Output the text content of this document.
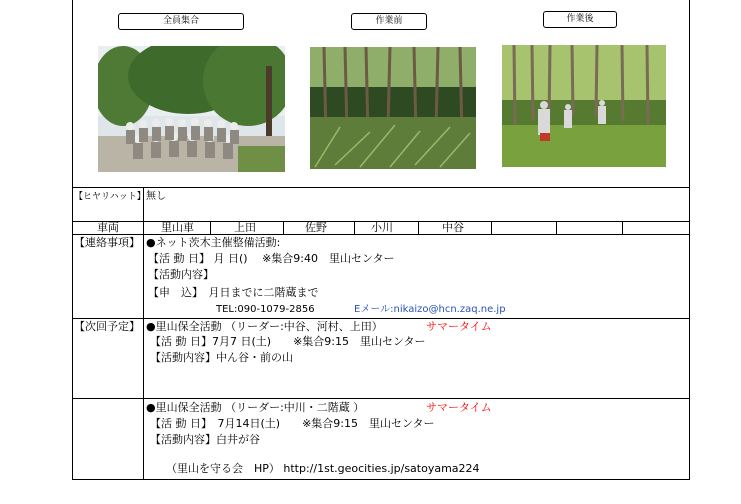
全員集合	作業前	作業後
【ヒヤリハット】 無し
車両	里山車	上田	佐野	小川	中谷
【連絡事項】 ●ネット茨木主催整備活動:
【活 動 日】 月 日()　 ※集合9:40　里山センター
【活動内容】
【申　込】　月日までに二階蔵まで
TEL:090-1079-2856	Eメール:nikaizo@hcn.zaq.ne.jp
【次回予定】 ●里山保全活動 （リーダー:中谷、河村、上田）	サマータイム
【活 動 日】7月7 日(土)　　※集合9:15　里山センター
【活動内容】中ん谷・前の山
●里山保全活動 （リーダー:中川・二階蔵 ）	サマータイム
【活 動 日】　7月14日(土)　　※集合9:15　里山センター
【活動内容】白井が谷
（里山を守る会　HP） http://1st.geocities.jp/satoyama224
